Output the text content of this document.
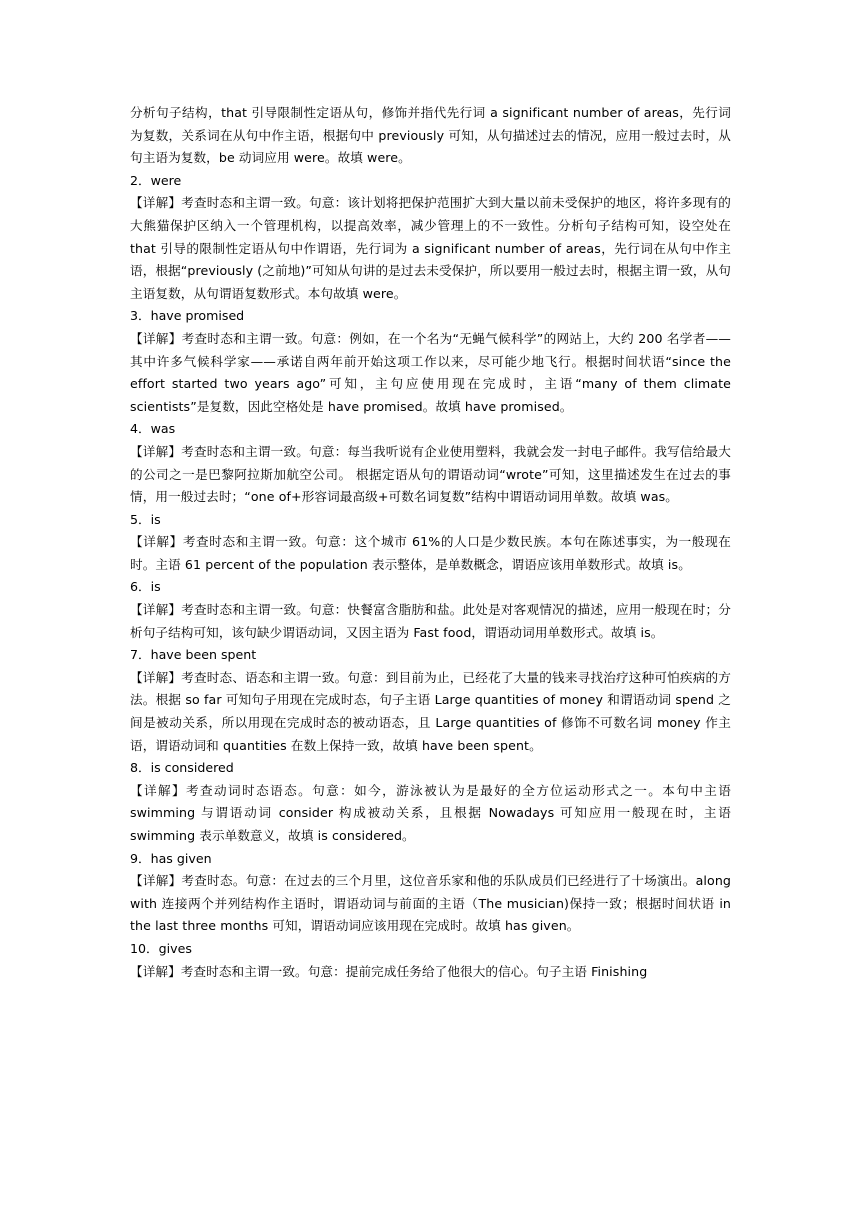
分析句子结构，that 引导限制性定语从句，修饰并指代先行词 a significant number of areas，先行词为复数，关系词在从句中作主语，根据句中 previously 可知，从句描述过去的情况，应用一般过去时，从句主语为复数，be 动词应用 were。故填 were。

2．were

【详解】考查时态和主谓一致。句意：该计划将把保护范围扩大到大量以前未受保护的地区，将许多现有的大熊猫保护区纳入一个管理机构，以提高效率，减少管理上的不一致性。分析句子结构可知，设空处在 that 引导的限制性定语从句中作谓语，先行词为 a significant number of areas，先行词在从句中作主语，根据“previously (之前地)”可知从句讲的是过去未受保护，所以要用一般过去时，根据主谓一致，从句主语复数，从句谓语复数形式。本句故填 were。

3．have promised

【详解】考查时态和主谓一致。句意：例如，在一个名为“无蝇气候科学”的网站上，大约 200 名学者——其中许多气候科学家——承诺自两年前开始这项工作以来，尽可能少地飞行。根据时间状语“since the effort started two years ago”可知，主句应使用现在完成时，主语“many of them climate scientists”是复数，因此空格处是 have promised。故填 have promised。

4．was

【详解】考查时态和主谓一致。句意：每当我听说有企业使用塑料，我就会发一封电子邮件。我写信给最大的公司之一是巴黎阿拉斯加航空公司。 根据定语从句的谓语动词“wrote”可知，这里描述发生在过去的事情，用一般过去时；“one of+形容词最高级+可数名词复数”结构中谓语动词用单数。故填 was。

5．is

【详解】考查时态和主谓一致。句意：这个城市 61%的人口是少数民族。本句在陈述事实，为一般现在时。主语 61 percent of the population 表示整体，是单数概念，谓语应该用单数形式。故填 is。

6．is

【详解】考查时态和主谓一致。句意：快餐富含脂肪和盐。此处是对客观情况的描述，应用一般现在时；分析句子结构可知，该句缺少谓语动词，又因主语为 Fast food，谓语动词用单数形式。故填 is。

7．have been spent

【详解】考查时态、语态和主谓一致。句意：到目前为止，已经花了大量的钱来寻找治疗这种可怕疾病的方法。根据 so far 可知句子用现在完成时态，句子主语 Large quantities of money 和谓语动词 spend 之间是被动关系，所以用现在完成时态的被动语态，且 Large quantities of 修饰不可数名词 money 作主语，谓语动词和 quantities 在数上保持一致，故填 have been spent。

8．is considered

【详解】考查动词时态语态。句意：如今，游泳被认为是最好的全方位运动形式之一。本句中主语 swimming 与谓语动词 consider 构成被动关系，且根据 Nowadays 可知应用一般现在时，主语 swimming 表示单数意义，故填 is considered。

9．has given

【详解】考查时态。句意：在过去的三个月里，这位音乐家和他的乐队成员们已经进行了十场演出。along with 连接两个并列结构作主语时，谓语动词与前面的主语（The musician)保持一致；根据时间状语 in the last three months 可知，谓语动词应该用现在完成时。故填 has given。

10．gives

【详解】考查时态和主谓一致。句意：提前完成任务给了他很大的信心。句子主语 Finishing
